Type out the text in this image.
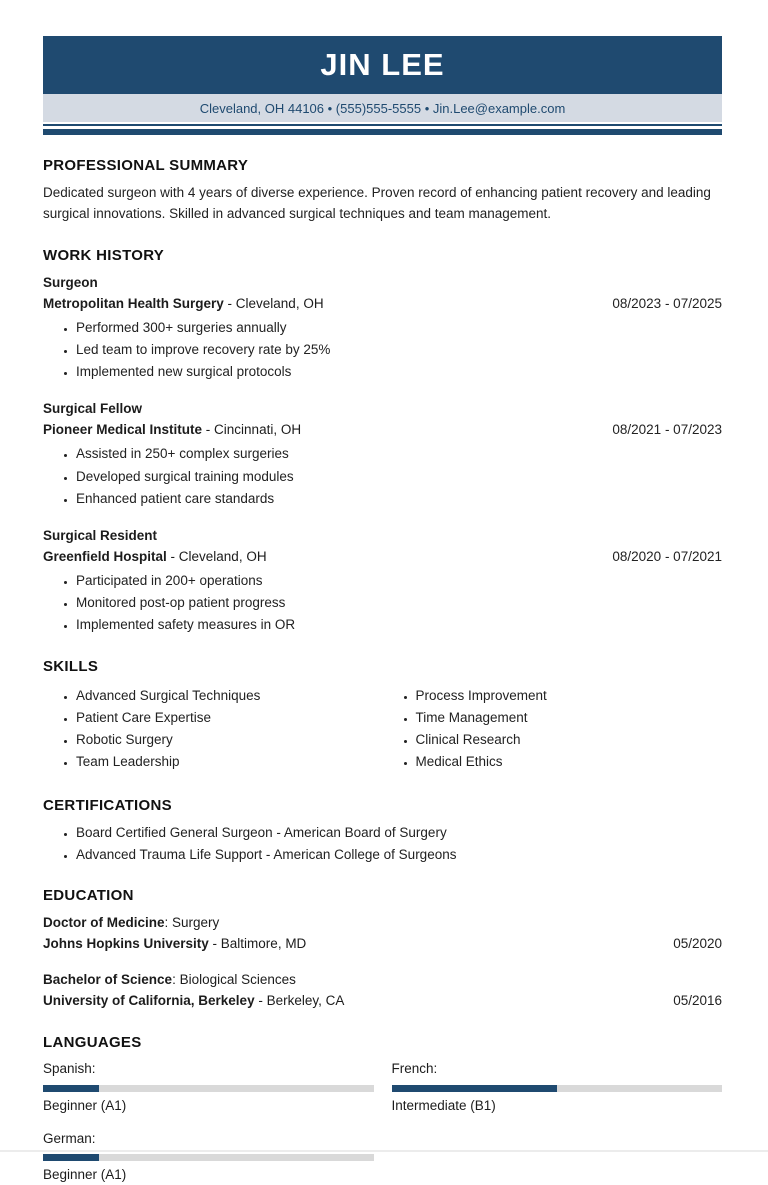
JIN LEE
Cleveland, OH 44106 • (555)555-5555 • Jin.Lee@example.com
PROFESSIONAL SUMMARY

Dedicated surgeon with 4 years of diverse experience. Proven record of enhancing patient recovery and leading surgical innovations. Skilled in advanced surgical techniques and team management.

WORK HISTORY
Surgeon
Metropolitan Health Surgery - Cleveland, OH	08/2023 - 07/2025
• Performed 300+ surgeries annually
• Led team to improve recovery rate by 25%
• Implemented new surgical protocols
Surgical Fellow
Pioneer Medical Institute - Cincinnati, OH	08/2021 - 07/2023
• Assisted in 250+ complex surgeries
• Developed surgical training modules
• Enhanced patient care standards
Surgical Resident
Greenfield Hospital - Cleveland, OH	08/2020 - 07/2021
• Participated in 200+ operations
• Monitored post-op patient progress
• Implemented safety measures in OR
SKILLS
• Advanced Surgical Techniques
• Patient Care Expertise
• Robotic Surgery
• Team Leadership
• Process Improvement
• Time Management
• Clinical Research
• Medical Ethics
CERTIFICATIONS
• Board Certified General Surgeon - American Board of Surgery
• Advanced Trauma Life Support - American College of Surgeons
EDUCATION
Doctor of Medicine: Surgery
Johns Hopkins University - Baltimore, MD	05/2020
Bachelor of Science: Biological Sciences
University of California, Berkeley - Berkeley, CA	05/2016
LANGUAGES
Spanish:
Beginner (A1)
French:
Intermediate (B1)
German:
Beginner (A1)
